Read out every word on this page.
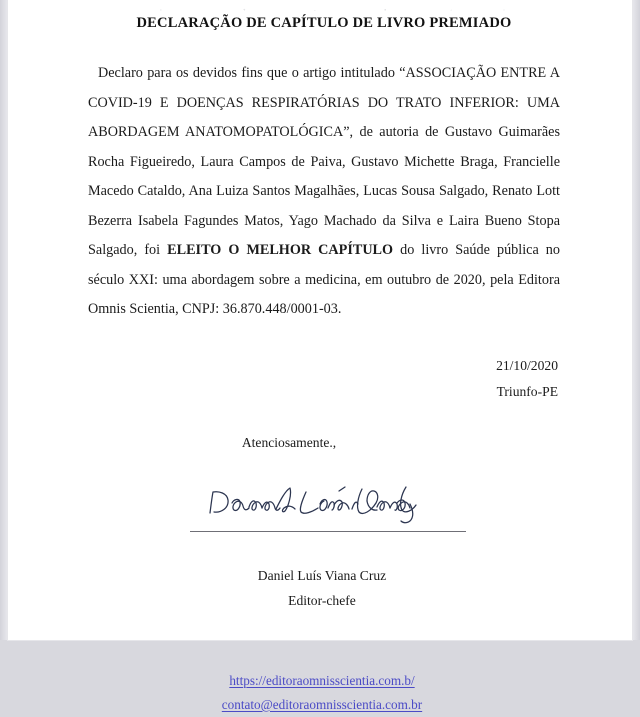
DECLARAÇÃO DE CAPÍTULO DE LIVRO PREMIADO

Declaro para os devidos fins que o artigo intitulado “ASSOCIAÇÃO ENTRE A COVID-19 E DOENÇAS RESPIRATÓRIAS DO TRATO INFERIOR: UMA ABORDAGEM ANATOMOPATOLÓGICA”, de autoria de Gustavo Guimarães Rocha Figueiredo, Laura Campos de Paiva, Gustavo Michette Braga, Francielle Macedo Cataldo, Ana Luiza Santos Magalhães, Lucas Sousa Salgado, Renato Lott Bezerra Isabela Fagundes Matos, Yago Machado da Silva e Laira Bueno Stopa Salgado, foi ELEITO O MELHOR CAPÍTULO do livro Saúde pública no século XXI: uma abordagem sobre a medicina, em outubro de 2020, pela Editora Omnis Scientia, CNPJ: 36.870.448/0001-03.

21/10/2020
Triunfo-PE
Atenciosamente.,
Daniel Luís Viana Cruz
Editor-chefe
https://editoraomnisscientia.com.b/
contato@editoraomnisscientia.com.br
